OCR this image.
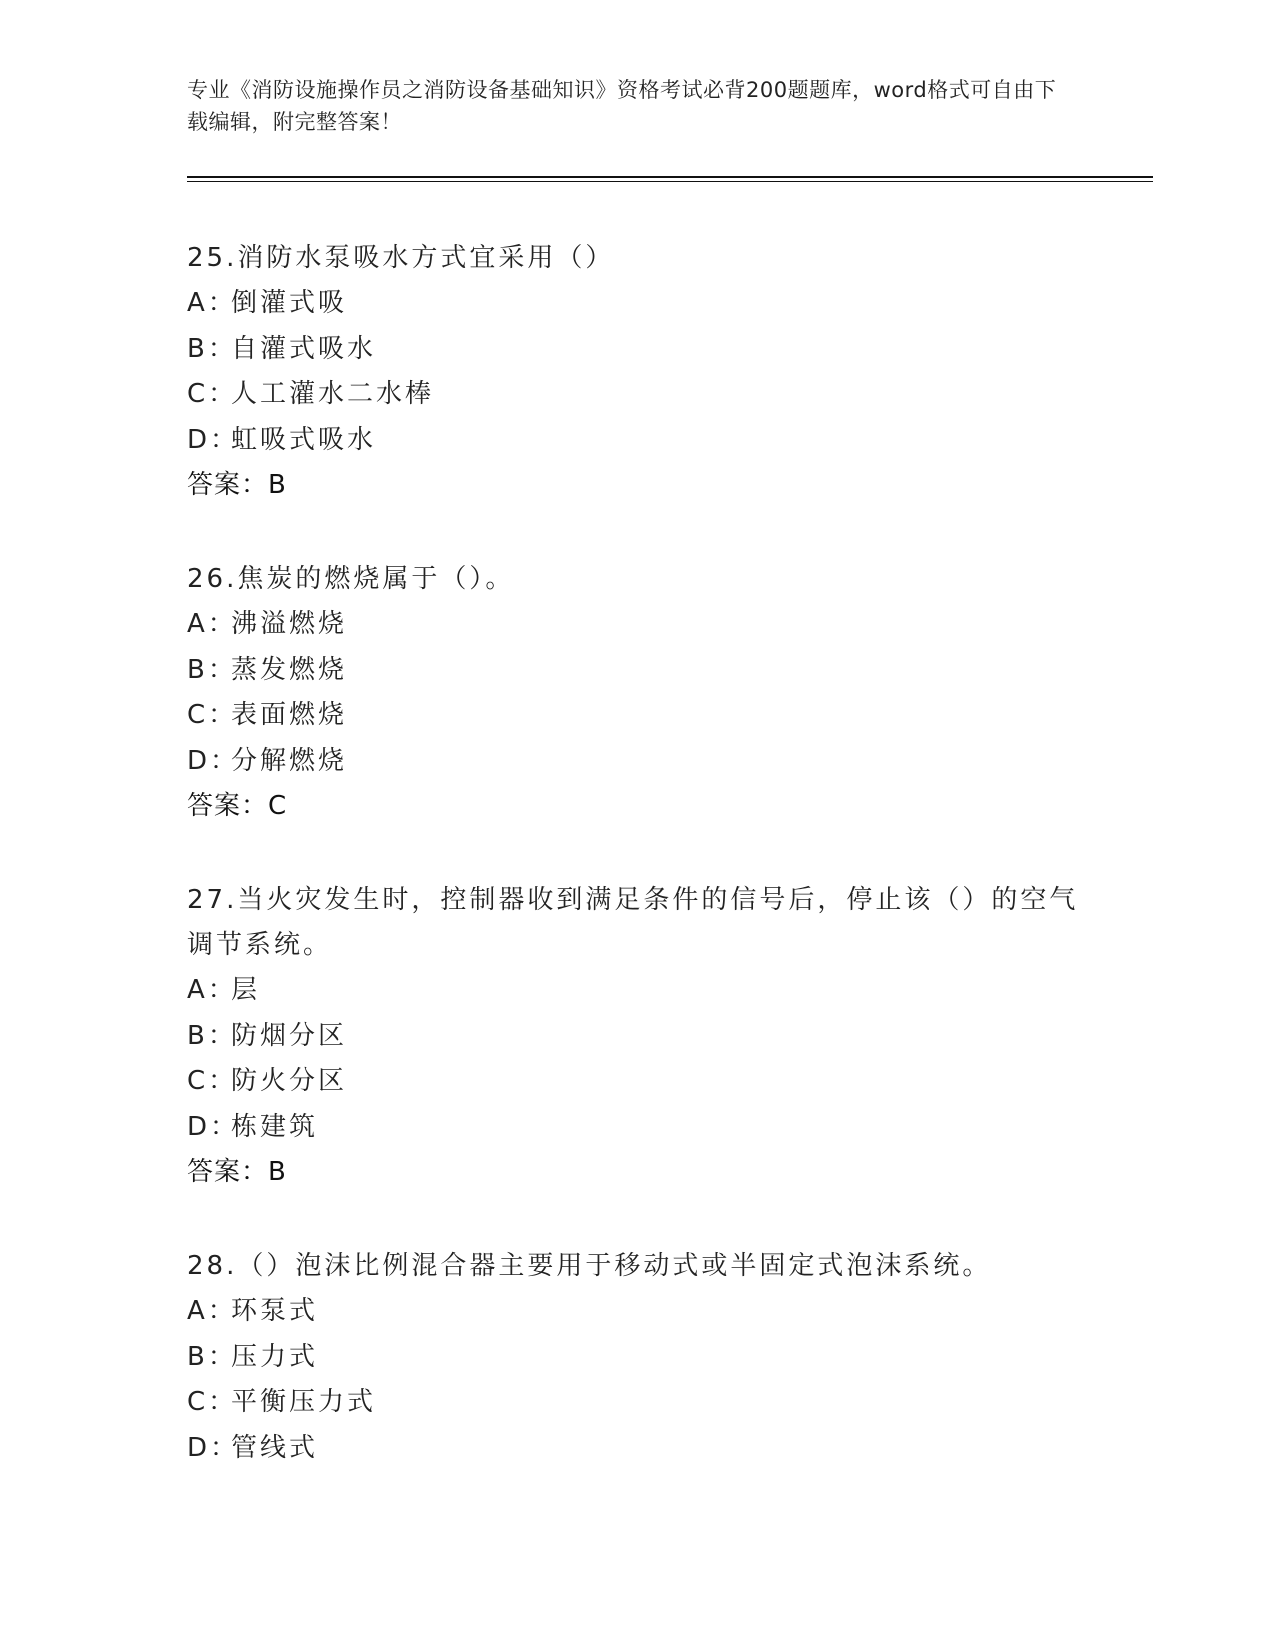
专业《消防设施操作员之消防设备基础知识》资格考试必背200题题库，word格式可自由下载编辑，附完整答案！
25.消防水泵吸水方式宜采用（）
A：倒灌式吸
B：自灌式吸水
C：人工灌水二水棒
D：虹吸式吸水
答案：B
26.焦炭的燃烧属于（）。
A：沸溢燃烧
B：蒸发燃烧
C：表面燃烧
D：分解燃烧
答案：C
27.当火灾发生时，控制器收到满足条件的信号后，停止该（）的空气调节系统。
A：层
B：防烟分区
C：防火分区
D：栋建筑
答案：B
28.（）泡沫比例混合器主要用于移动式或半固定式泡沫系统。
A：环泵式
B：压力式
C：平衡压力式
D：管线式
